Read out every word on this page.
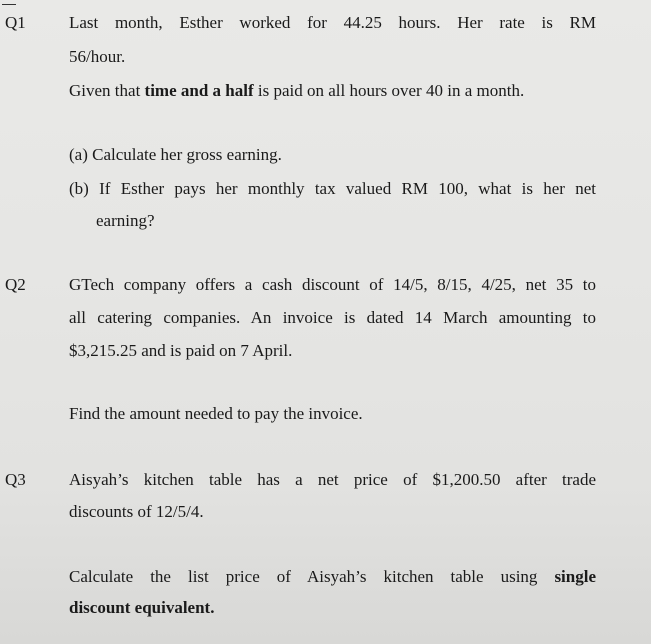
Q1	Last month, Esther worked for 44.25 hours. Her rate is RM
56/hour.
Given that time and a half is paid on all hours over 40 in a month.
(a) Calculate her gross earning.
(b) If Esther pays her monthly tax valued RM 100, what is her net
earning?
Q2	GTech company offers a cash discount of 14/5, 8/15, 4/25, net 35 to
all catering companies. An invoice is dated 14 March amounting to
$3,215.25 and is paid on 7 April.
Find the amount needed to pay the invoice.
Q3	Aisyah’s kitchen table has a net price of $1,200.50 after trade
discounts of 12/5/4.
Calculate the list price of Aisyah’s kitchen table using single
discount equivalent.
